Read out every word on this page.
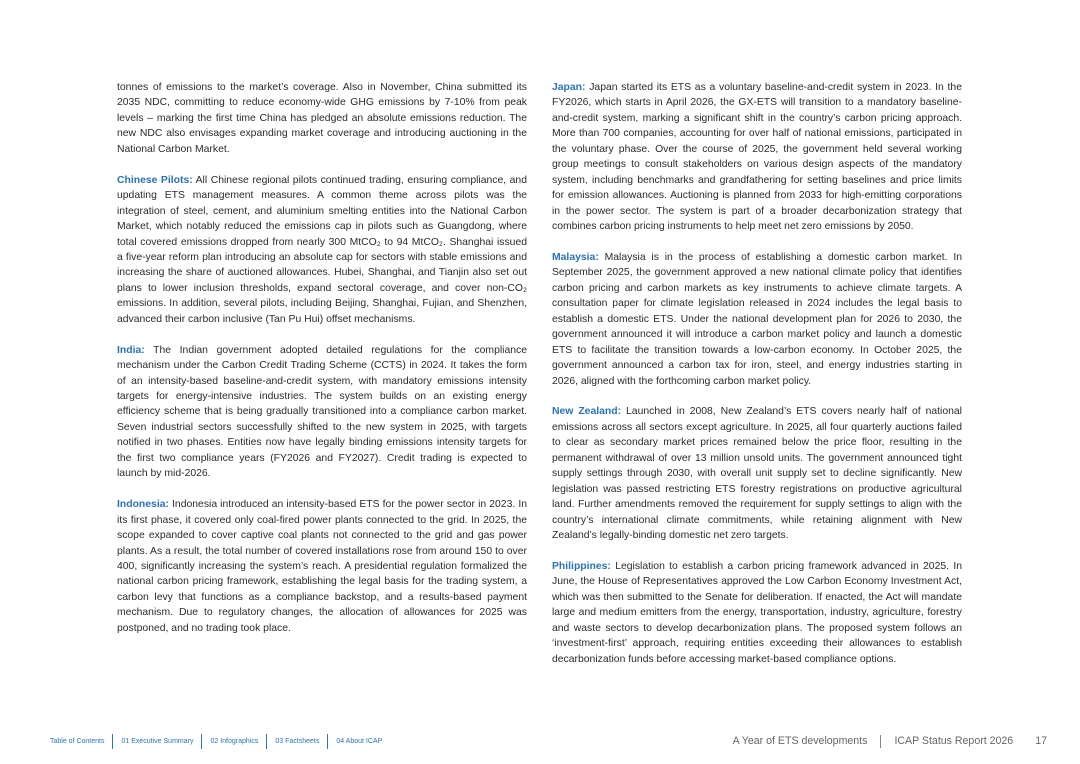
tonnes of emissions to the market’s coverage. Also in November, China submitted its 2035 NDC, committing to reduce economy-wide GHG emissions by 7-10% from peak levels – marking the first time China has pledged an absolute emissions reduction. The new NDC also envisages expanding market coverage and introducing auctioning in the National Carbon Market.

Chinese Pilots: All Chinese regional pilots continued trading, ensuring compliance, and updating ETS management measures. A common theme across pilots was the integration of steel, cement, and aluminium smelting entities into the National Carbon Market, which notably reduced the emissions cap in pilots such as Guangdong, where total covered emissions dropped from nearly 300 MtCO₂ to 94 MtCO₂. Shanghai issued a five-year reform plan introducing an absolute cap for sectors with stable emissions and increasing the share of auctioned allowances. Hubei, Shanghai, and Tianjin also set out plans to lower inclusion thresholds, expand sectoral coverage, and cover non-CO₂ emissions. In addition, several pilots, including Beijing, Shanghai, Fujian, and Shenzhen, advanced their carbon inclusive (Tan Pu Hui) offset mechanisms.

India: The Indian government adopted detailed regulations for the compliance mechanism under the Carbon Credit Trading Scheme (CCTS) in 2024. It takes the form of an intensity-based baseline-and-credit system, with mandatory emissions intensity targets for energy-intensive industries. The system builds on an existing energy efficiency scheme that is being gradually transitioned into a compliance carbon market. Seven industrial sectors successfully shifted to the new system in 2025, with targets notified in two phases. Entities now have legally binding emissions intensity targets for the first two compliance years (FY2026 and FY2027). Credit trading is expected to launch by mid-2026.

Indonesia: Indonesia introduced an intensity-based ETS for the power sector in 2023. In its first phase, it covered only coal-fired power plants connected to the grid. In 2025, the scope expanded to cover captive coal plants not connected to the grid and gas power plants. As a result, the total number of covered installations rose from around 150 to over 400, significantly increasing the system’s reach. A presidential regulation formalized the national carbon pricing framework, establishing the legal basis for the trading system, a carbon levy that functions as a compliance backstop, and a results-based payment mechanism. Due to regulatory changes, the allocation of allowances for 2025 was postponed, and no trading took place.

Japan: Japan started its ETS as a voluntary baseline-and-credit system in 2023. In the FY2026, which starts in April 2026, the GX-ETS will transition to a mandatory baseline-and-credit system, marking a significant shift in the country’s carbon pricing approach. More than 700 companies, accounting for over half of national emissions, participated in the voluntary phase. Over the course of 2025, the government held several working group meetings to consult stakeholders on various design aspects of the mandatory system, including benchmarks and grandfathering for setting baselines and price limits for emission allowances. Auctioning is planned from 2033 for high-emitting corporations in the power sector. The system is part of a broader decarbonization strategy that combines carbon pricing instruments to help meet net zero emissions by 2050.

Malaysia: Malaysia is in the process of establishing a domestic carbon market. In September 2025, the government approved a new national climate policy that identifies carbon pricing and carbon markets as key instruments to achieve climate targets. A consultation paper for climate legislation released in 2024 includes the legal basis to establish a domestic ETS. Under the national development plan for 2026 to 2030, the government announced it will introduce a carbon market policy and launch a domestic ETS to facilitate the transition towards a low-carbon economy. In October 2025, the government announced a carbon tax for iron, steel, and energy industries starting in 2026, aligned with the forthcoming carbon market policy.

New Zealand: Launched in 2008, New Zealand’s ETS covers nearly half of national emissions across all sectors except agriculture. In 2025, all four quarterly auctions failed to clear as secondary market prices remained below the price floor, resulting in the permanent withdrawal of over 13 million unsold units. The government announced tight supply settings through 2030, with overall unit supply set to decline significantly. New legislation was passed restricting ETS forestry registrations on productive agricultural land. Further amendments removed the requirement for supply settings to align with the country’s international climate commitments, while retaining alignment with New Zealand’s legally-binding domestic net zero targets.

Philippines: Legislation to establish a carbon pricing framework advanced in 2025. In June, the House of Representatives approved the Low Carbon Economy Investment Act, which was then submitted to the Senate for deliberation. If enacted, the Act will mandate large and medium emitters from the energy, transportation, industry, agriculture, forestry and waste sectors to develop decarbonization plans. The proposed system follows an ‘investment-first’ approach, requiring entities exceeding their allowances to establish decarbonization funds before accessing market-based compliance options.

Table of Contents	01 Executive Summary	02 Infographics	03 Factsheets	04 About ICAP	A Year of ETS developments	ICAP Status Report 2026 17
